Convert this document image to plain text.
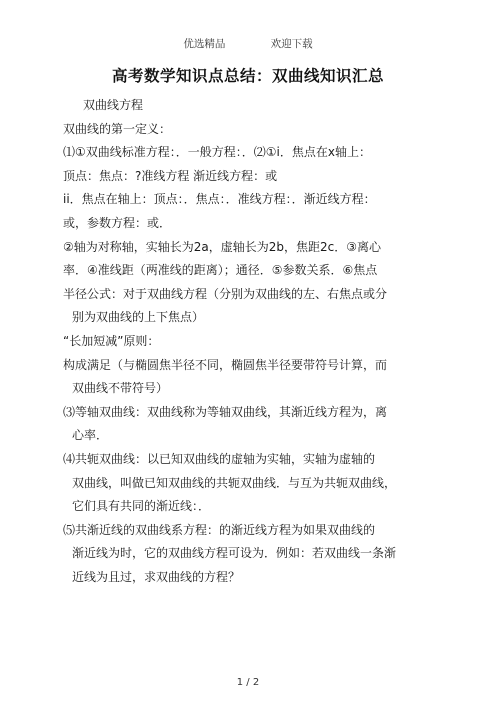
优选精品	欢迎下载
高考数学知识点总结：双曲线知识汇总
双曲线方程
双曲线的第一定义：
⑴①双曲线标准方程：．一般方程：．⑵①i．焦点在x轴上：
顶点：焦点：?准线方程 渐近线方程：或
ii．焦点在轴上：顶点：．焦点：．准线方程：．渐近线方程：
或，参数方程：或．
②轴为对称轴，实轴长为2a，虚轴长为2b，焦距2c．③离心
率．④准线距（两准线的距离）；通径．⑤参数关系．⑥焦点
半径公式：对于双曲线方程（分别为双曲线的左、右焦点或分
别为双曲线的上下焦点）
“长加短减”原则：
构成满足（与椭圆焦半径不同，椭圆焦半径要带符号计算，而
双曲线不带符号）
⑶等轴双曲线：双曲线称为等轴双曲线，其渐近线方程为，离
心率．
⑷共轭双曲线：以已知双曲线的虚轴为实轴，实轴为虚轴的
双曲线，叫做已知双曲线的共轭双曲线．与互为共轭双曲线，
它们具有共同的渐近线：．
⑸共渐近线的双曲线系方程：的渐近线方程为如果双曲线的
渐近线为时，它的双曲线方程可设为．例如：若双曲线一条渐
近线为且过，求双曲线的方程？
1 / 2
